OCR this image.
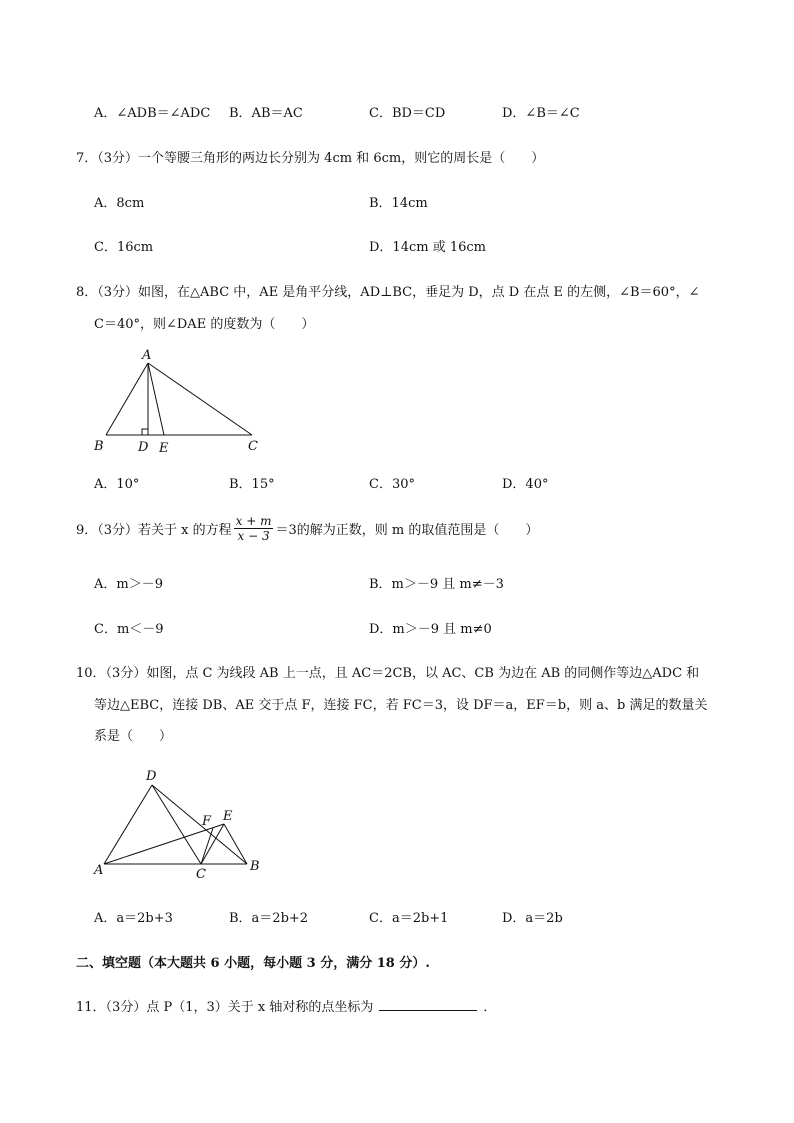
A．∠ADB＝∠ADC B．AB＝AC	C．BD＝CD	D．∠B＝∠C
7．（3分）一个等腰三角形的两边长分别为 4cm 和 6cm，则它的周长是（　　）
A．8cm	B．14cm
C．16cm	D．14cm 或 16cm
8．（3分）如图，在△ABC 中，AE 是角平分线，AD⊥BC，垂足为 D，点 D 在点 E 的左侧，∠B＝60°，∠
C＝40°，则∠DAE 的度数为（　　）
A
B	D E	C
A．10°	B．15°	C．30°	D．40°
9．（3分）若关于 x 的方程 $\frac{x + m}{x - 3} =3$的解为正数，则 m 的取值范围是（　　）
A．m＞－9	B．m＞－9 且 m≠－3
C．m＜－9	D．m＞－9 且 m≠0
10．（3分）如图，点 C 为线段 AB 上一点，且 AC＝2CB，以 AC、CB 为边在 AB 的同侧作等边△ADC 和
等边△EBC，连接 DB、AE 交于点 F，连接 FC，若 FC＝3，设 DF＝a，EF＝b，则 a、b 满足的数量关
系是（　　）
D
F E
A	C
B
A．a＝2b+3	B．a＝2b+2	C．a＝2b+1	D．a＝2b
二、填空题（本大题共 6 小题，每小题 3 分，满分 18 分）.
11．（3分）点 P（1，3）关于 x 轴对称的点坐标为	．
